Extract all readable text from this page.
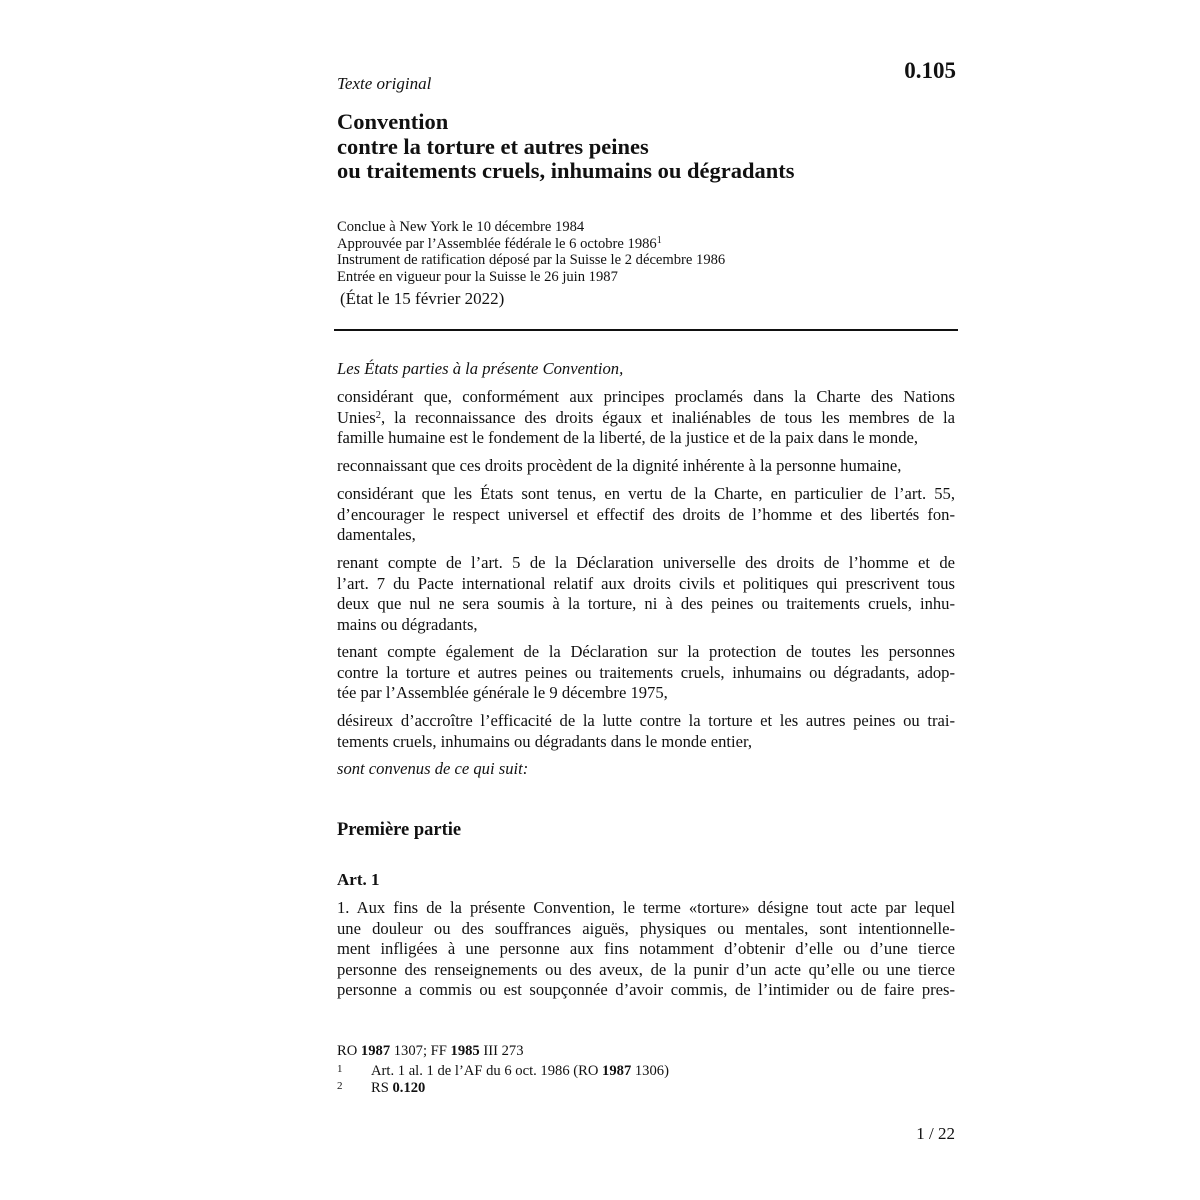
0.105
Texte original
Convention
contre la torture et autres peines
ou traitements cruels, inhumains ou dégradants
Conclue à New York le 10 décembre 1984
Approuvée par l’Assemblée fédérale le 6 octobre 1986$^1$
Instrument de ratification déposé par la Suisse le 2 décembre 1986
Entrée en vigueur pour la Suisse le 26 juin 1987
(État le 15 février 2022)
Les États parties à la présente Convention,
considérant que, conformément aux principes proclamés dans la Charte des Nations
Unies$^2$, la reconnaissance des droits égaux et inaliénables de tous les membres de la
famille humaine est le fondement de la liberté, de la justice et de la paix dans le monde,
reconnaissant que ces droits procèdent de la dignité inhérente à la personne humaine,
considérant que les États sont tenus, en vertu de la Charte, en particulier de l’art. 55,
d’encourager le respect universel et effectif des droits de l’homme et des libertés fon-
damentales,
renant compte de l’art. 5 de la Déclaration universelle des droits de l’homme et de
l’art. 7 du Pacte international relatif aux droits civils et politiques qui prescrivent tous
deux que nul ne sera soumis à la torture, ni à des peines ou traitements cruels, inhu-
mains ou dégradants,
tenant compte également de la Déclaration sur la protection de toutes les personnes
contre la torture et autres peines ou traitements cruels, inhumains ou dégradants, adop-
tée par l’Assemblée générale le 9 décembre 1975,
désireux d’accroître l’efficacité de la lutte contre la torture et les autres peines ou trai-
tements cruels, inhumains ou dégradants dans le monde entier,
sont convenus de ce qui suit:
Première partie
Art. 1
1. Aux fins de la présente Convention, le terme «torture» désigne tout acte par lequel
une douleur ou des souffrances aiguës, physiques ou mentales, sont intentionnelle-
ment infligées à une personne aux fins notamment d’obtenir d’elle ou d’une tierce
personne des renseignements ou des aveux, de la punir d’un acte qu’elle ou une tierce
personne a commis ou est soupçonnée d’avoir commis, de l’intimider ou de faire pres-
RO 1987 1307; FF 1985 III 273
1 Art. 1 al. 1 de l’AF du 6 oct. 1986 (RO 1987 1306)
2 RS 0.120
1 / 22
